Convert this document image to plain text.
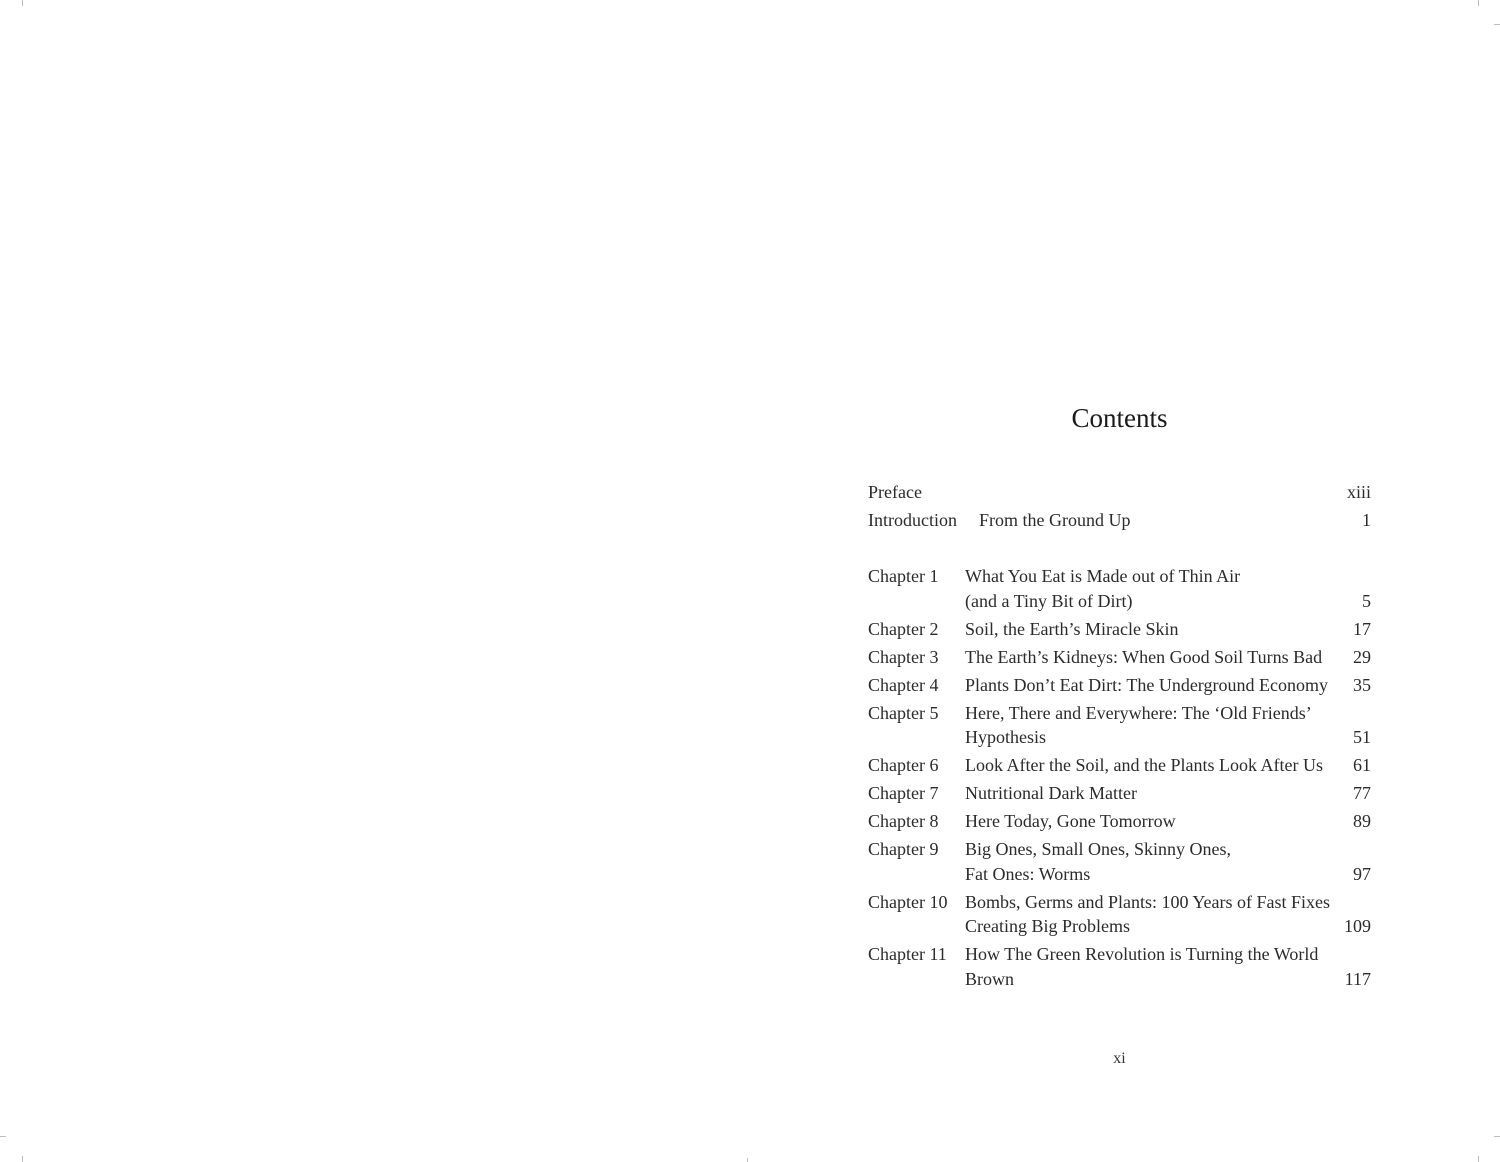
Contents
Preface	xiii
Introduction From the Ground Up	1
Chapter 1	What You Eat is Made out of Thin Air
(and a Tiny Bit of Dirt)	5
Chapter 2	Soil, the Earth’s Miracle Skin	17
Chapter 3	The Earth’s Kidneys: When Good Soil Turns Bad	29
Chapter 4	Plants Don’t Eat Dirt: The Underground Economy	35
Chapter 5	Here, There and Everywhere: The ‘Old Friends’
Hypothesis	51
Chapter 6	Look After the Soil, and the Plants Look After Us	61
Chapter 7	Nutritional Dark Matter	77
Chapter 8	Here Today, Gone Tomorrow	89
Chapter 9	Big Ones, Small Ones, Skinny Ones,
Fat Ones: Worms	97
Chapter 10 Bombs, Germs and Plants: 100 Years of Fast Fixes
Creating Big Problems	109
Chapter 11	How The Green Revolution is Turning the World
Brown	117
xi
